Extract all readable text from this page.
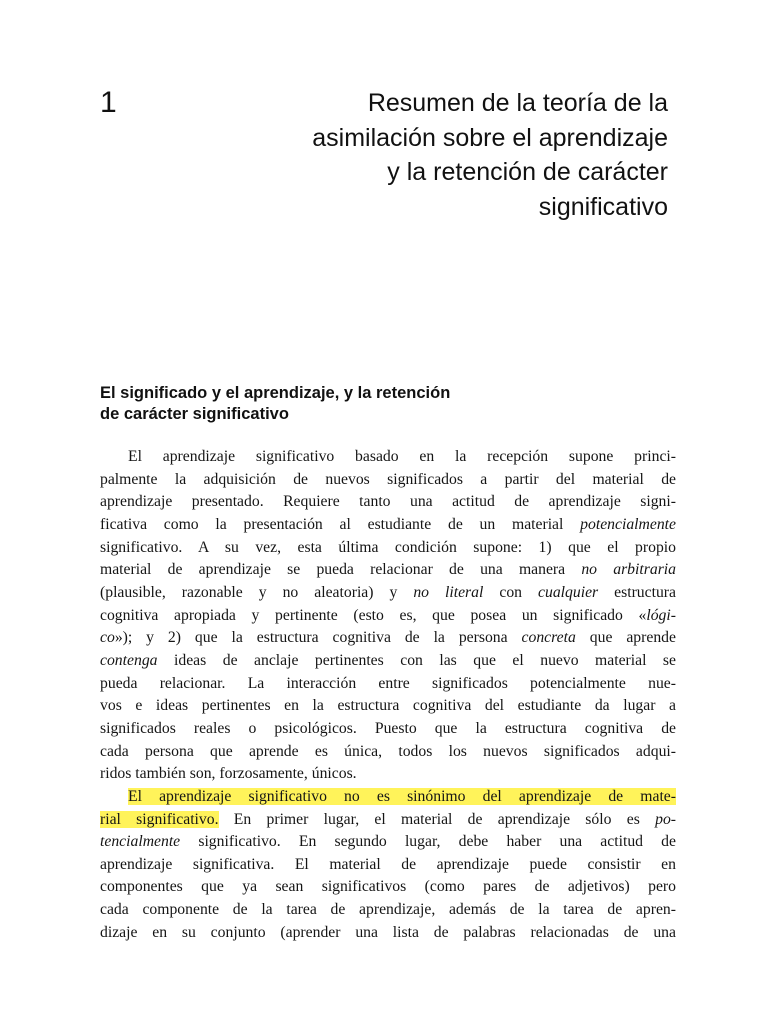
1	Resumen de la teoría de la
asimilación sobre el aprendizaje
y la retención de carácter
significativo
El significado y el aprendizaje, y la retención
de carácter significativo
El aprendizaje significativo basado en la recepción supone princi-
palmente la adquisición de nuevos significados a partir del material de
aprendizaje presentado. Requiere tanto una actitud de aprendizaje signi-
ficativa como la presentación al estudiante de un material potencialmente
significativo. A su vez, esta última condición supone: 1) que el propio
material de aprendizaje se pueda relacionar de una manera no arbitraria
(plausible, razonable y no aleatoria) y no literal con cualquier estructura
cognitiva apropiada y pertinente (esto es, que posea un significado «lógi-
co»); y 2) que la estructura cognitiva de la persona concreta que aprende
contenga ideas de anclaje pertinentes con las que el nuevo material se
pueda relacionar. La interacción entre significados potencialmente nue-
vos e ideas pertinentes en la estructura cognitiva del estudiante da lugar a
significados reales o psicológicos. Puesto que la estructura cognitiva de
cada persona que aprende es única, todos los nuevos significados adqui-
ridos también son, forzosamente, únicos.
El aprendizaje significativo no es sinónimo del aprendizaje de mate-
rial significativo. En primer lugar, el material de aprendizaje sólo es po-
tencialmente significativo. En segundo lugar, debe haber una actitud de
aprendizaje significativa. El material de aprendizaje puede consistir en
componentes que ya sean significativos (como pares de adjetivos) pero
cada componente de la tarea de aprendizaje, además de la tarea de apren-
dizaje en su conjunto (aprender una lista de palabras relacionadas de una
